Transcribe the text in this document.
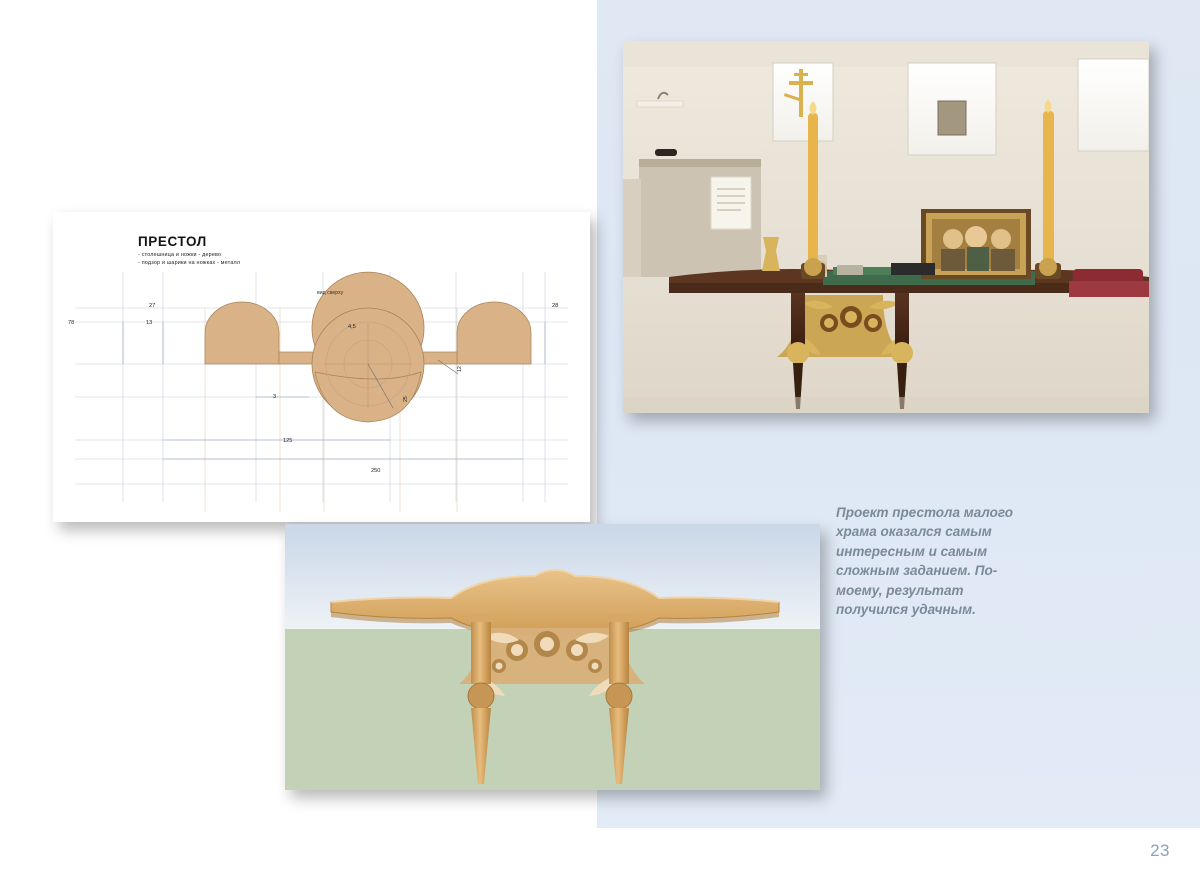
ПРЕСТОЛ
- столешница и ножки - дерево
- подзор и шарики на ножках - металл
вид сверху
78
27
13
28
4,5
3
125
250
25
12
Проект престола малого храма оказался самым интересным и самым сложным заданием. По-моему, результат получился удачным.
23
